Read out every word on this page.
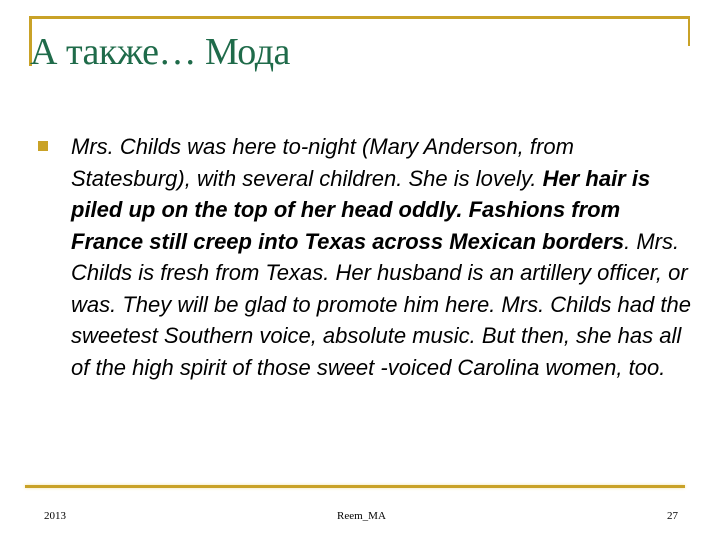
А также… Мода
Mrs. Childs was here to-night (Mary Anderson, from Statesburg), with several children. She is lovely. Her hair is piled up on the top of her head oddly. Fashions from France still creep into Texas across Mexican borders. Mrs. Childs is fresh from Texas. Her husband is an artillery officer, or was. They will be glad to promote him here. Mrs. Childs had the sweetest Southern voice, absolute music. But then, she has all of the high spirit of those sweet -voiced Carolina women, too.
2013	Reem_MA	27
